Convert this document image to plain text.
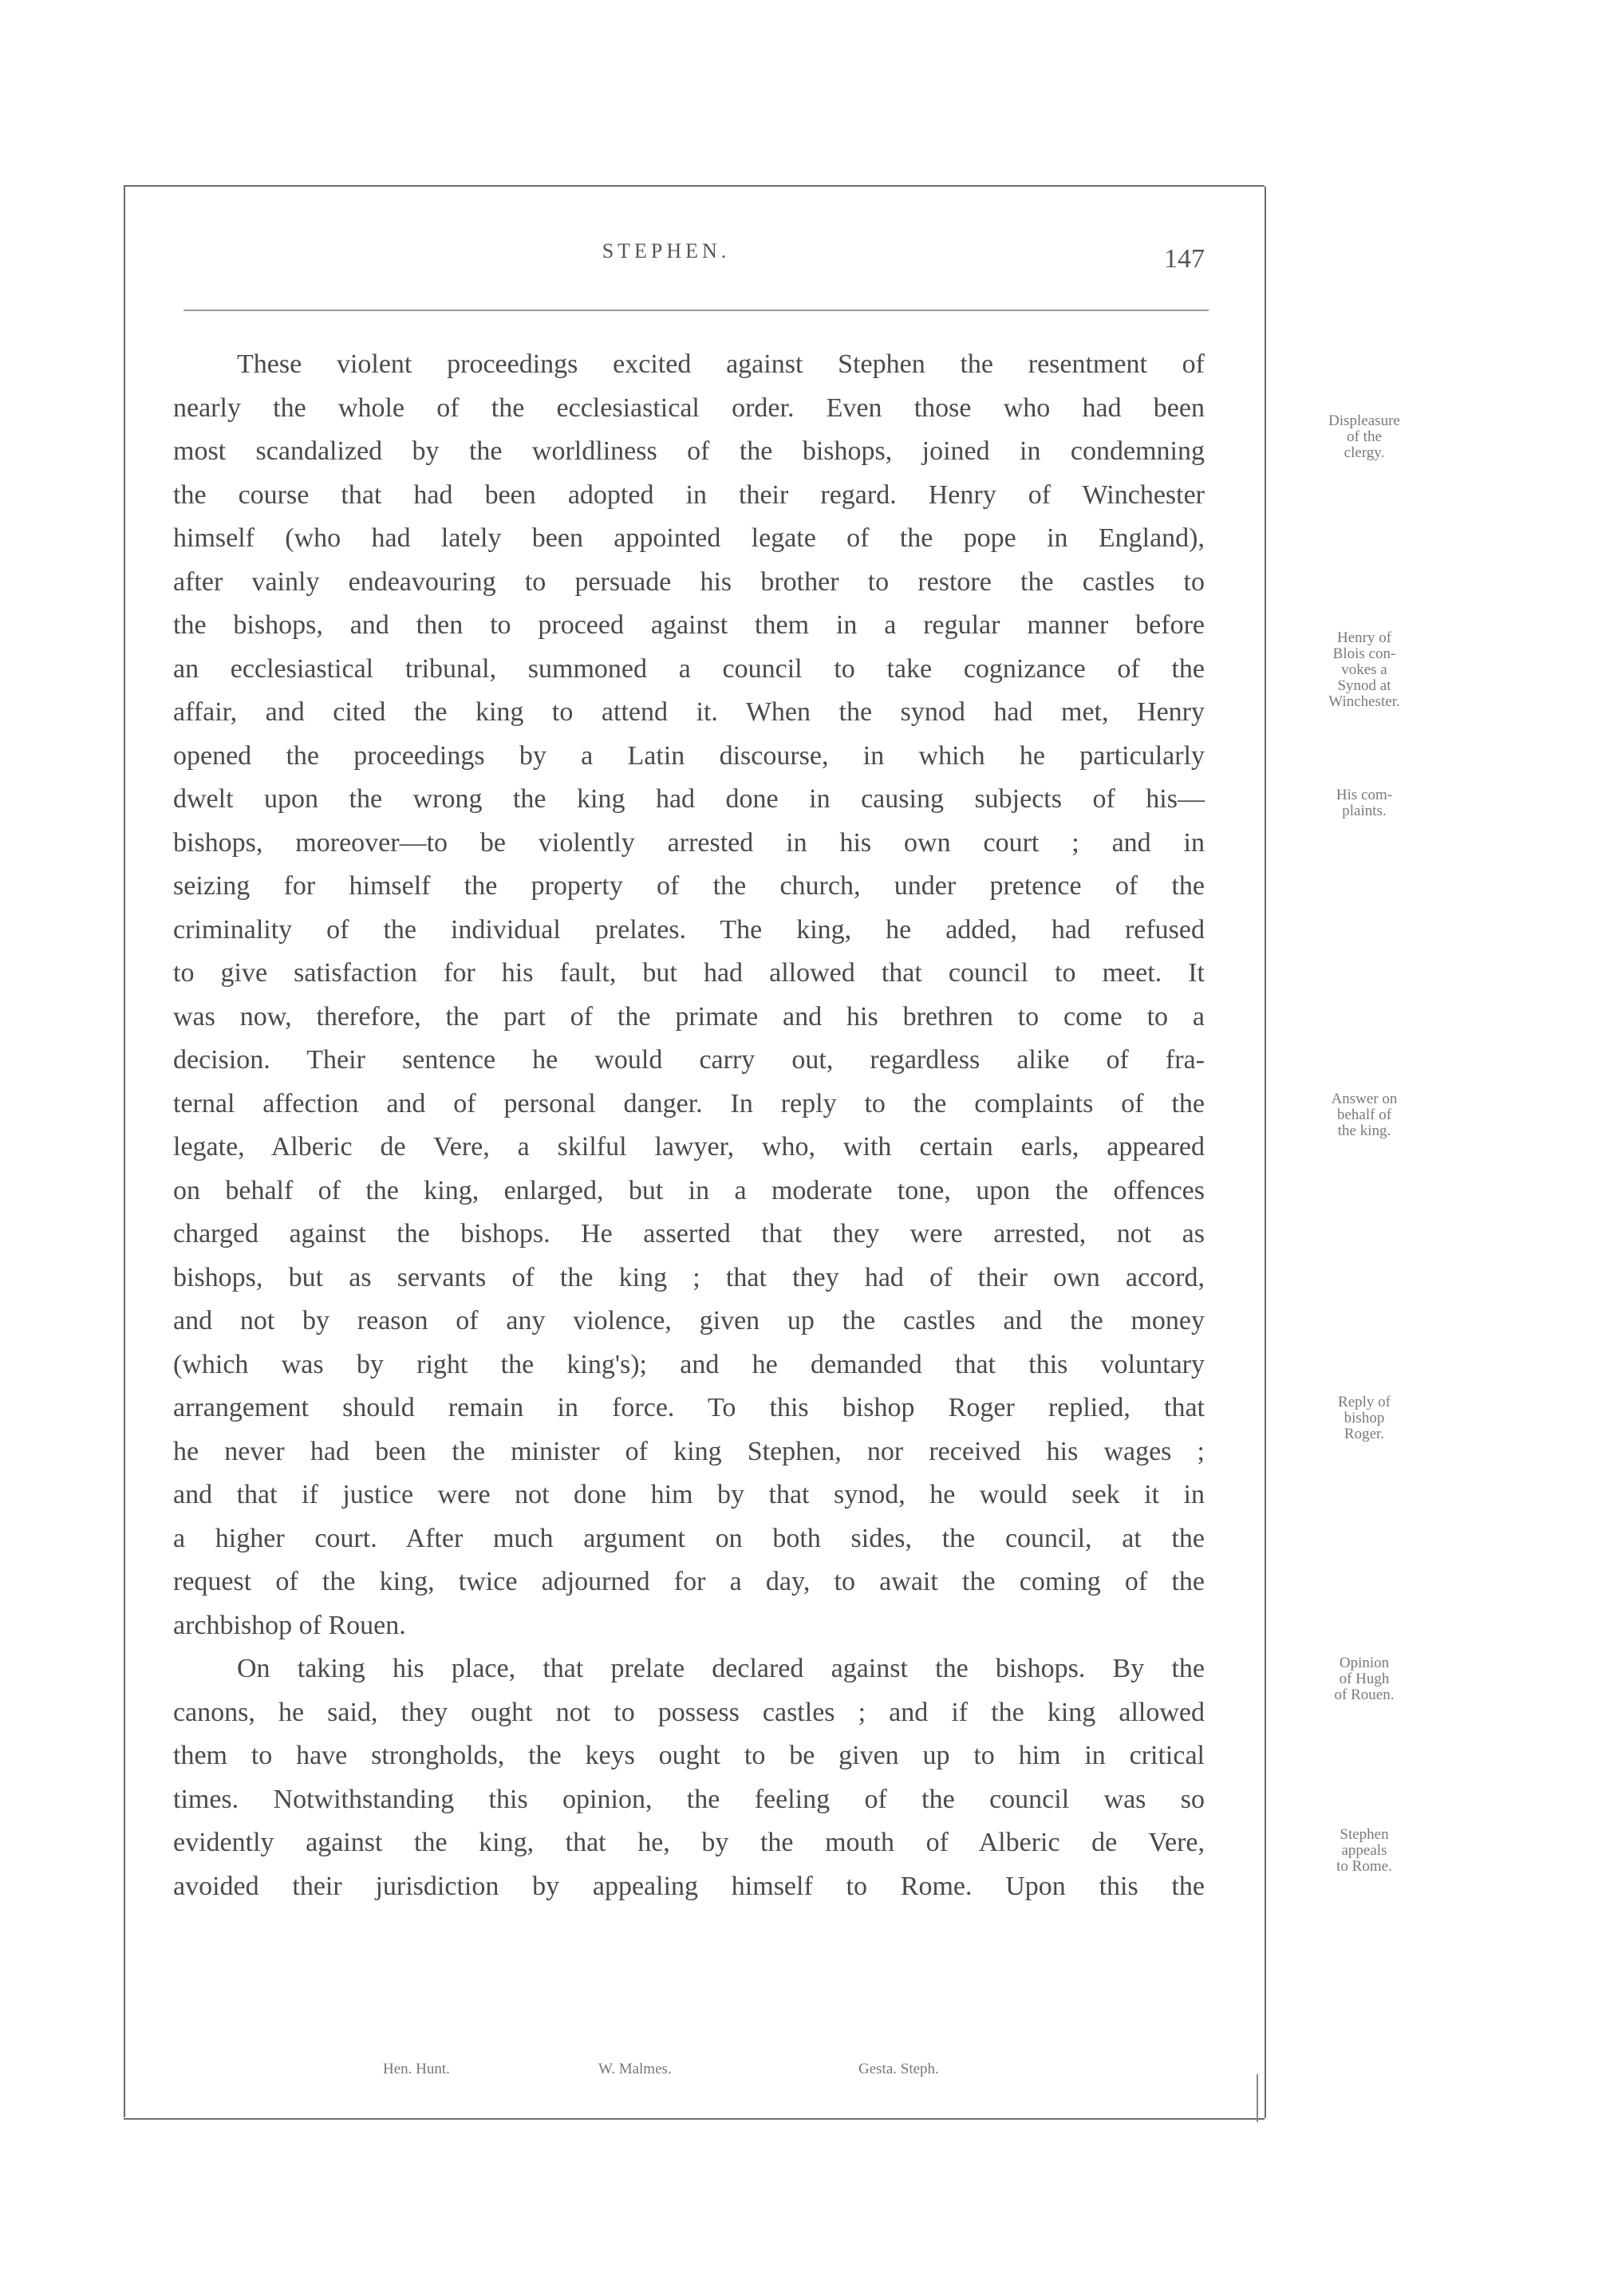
STEPHEN.	147
These violent proceedings excited against Stephen the resentment of
nearly the whole of the ecclesiastical order. Even those who had been
most scandalized by the worldliness of the bishops, joined in condemning
the course that had been adopted in their regard. Henry of Winchester
himself (who had lately been appointed legate of the pope in England),
after vainly endeavouring to persuade his brother to restore the castles to
the bishops, and then to proceed against them in a regular manner before
an ecclesiastical tribunal, summoned a council to take cognizance of the
affair, and cited the king to attend it. When the synod had met, Henry
opened the proceedings by a Latin discourse, in which he particularly
dwelt upon the wrong the king had done in causing subjects of his—
bishops, moreover—to be violently arrested in his own court ; and in
seizing for himself the property of the church, under pretence of the
criminality of the individual prelates. The king, he added, had refused
to give satisfaction for his fault, but had allowed that council to meet. It
was now, therefore, the part of the primate and his brethren to come to a
decision. Their sentence he would carry out, regardless alike of fra-
ternal affection and of personal danger. In reply to the complaints of the
legate, Alberic de Vere, a skilful lawyer, who, with certain earls, appeared
on behalf of the king, enlarged, but in a moderate tone, upon the offences
charged against the bishops. He asserted that they were arrested, not as
bishops, but as servants of the king ; that they had of their own accord,
and not by reason of any violence, given up the castles and the money
(which was by right the king's); and he demanded that this voluntary
arrangement should remain in force. To this bishop Roger replied, that
he never had been the minister of king Stephen, nor received his wages ;
and that if justice were not done him by that synod, he would seek it in
a higher court. After much argument on both sides, the council, at the
request of the king, twice adjourned for a day, to await the coming of the
archbishop of Rouen.
On taking his place, that prelate declared against the bishops. By the
canons, he said, they ought not to possess castles ; and if the king allowed
them to have strongholds, the keys ought to be given up to him in critical
times. Notwithstanding this opinion, the feeling of the council was so
evidently against the king, that he, by the mouth of Alberic de Vere,
avoided their jurisdiction by appealing himself to Rome. Upon this the
Displeasure
of the
clergy.
Henry of
Blois con-
vokes a
Synod at
Winchester.
His com-
plaints.
Answer on
behalf of
the king.
Reply of
bishop
Roger.
Opinion
of Hugh
of Rouen.
Stephen
appeals
to Rome.
Hen. Hunt.	W. Malmes.	Gesta. Steph.
